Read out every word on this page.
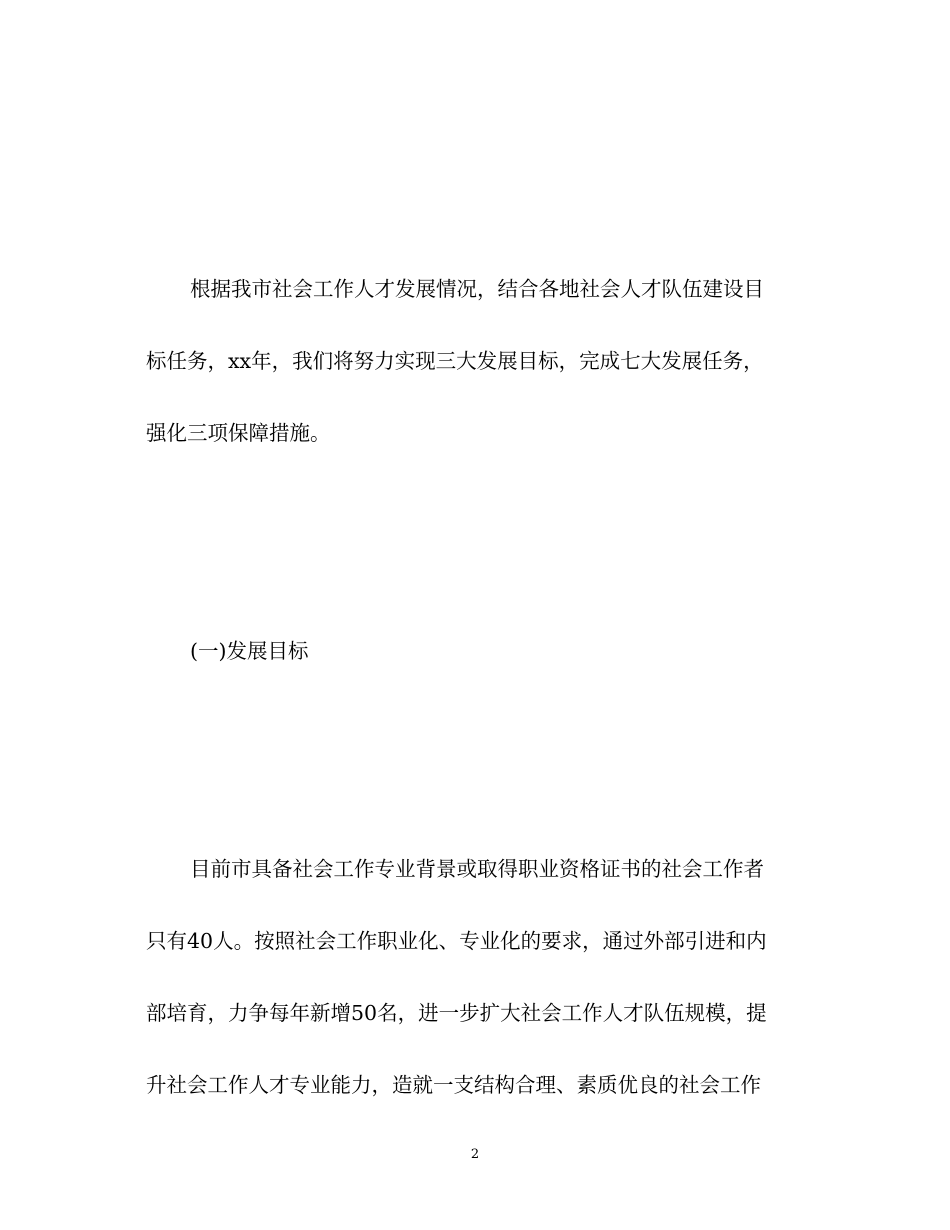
根据我市社会工作人才发展情况，结合各地社会人才队伍建设目
标任务，xx年，我们将努力实现三大发展目标，完成七大发展任务，
强化三项保障措施。
(一)发展目标
目前市具备社会工作专业背景或取得职业资格证书的社会工作者
只有40人。按照社会工作职业化、专业化的要求，通过外部引进和内
部培育，力争每年新增50名，进一步扩大社会工作人才队伍规模，提
升社会工作人才专业能力，造就一支结构合理、素质优良的社会工作
2
